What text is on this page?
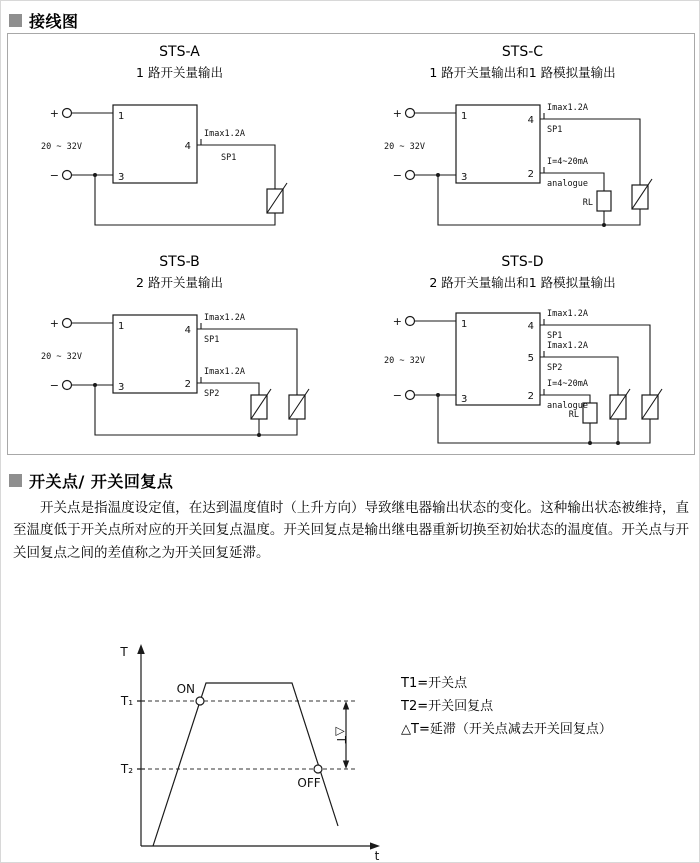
接线图
STS-A
1 路开关量输出
+
−
20 ~ 32V
1
3
4
Imax1.2A
SP1
STS-C
1 路开关量输出和1 路模拟量输出
+
−
20 ~ 32V
1
3
4
2
Imax1.2A
SP1
I=4~20mA
analogue
RL
STS-B
2 路开关量输出
+
−
20 ~ 32V
1
3
4
2
Imax1.2A
SP1
Imax1.2A
SP2
STS-D
2 路开关量输出和1 路模拟量输出
+
−
20 ~ 32V
1
3
4
5
2
Imax1.2A
SP1
Imax1.2A
SP2
I=4~20mA
analogue
RL
开关点/ 开关回复点

开关点是指温度设定值，在达到温度值时（上升方向）导致继电器输出状态的变化。这种输出状态被维持，直至温度低于开关点所对应的开关回复点温度。开关回复点是输出继电器重新切换至初始状态的温度值。开关点与开关回复点之间的差值称之为开关回复延滞。

△T
T
t
T₁
T₂
ON
OFF
T1=开关点
T2=开关回复点
△T=延滞（开关点减去开关回复点）
